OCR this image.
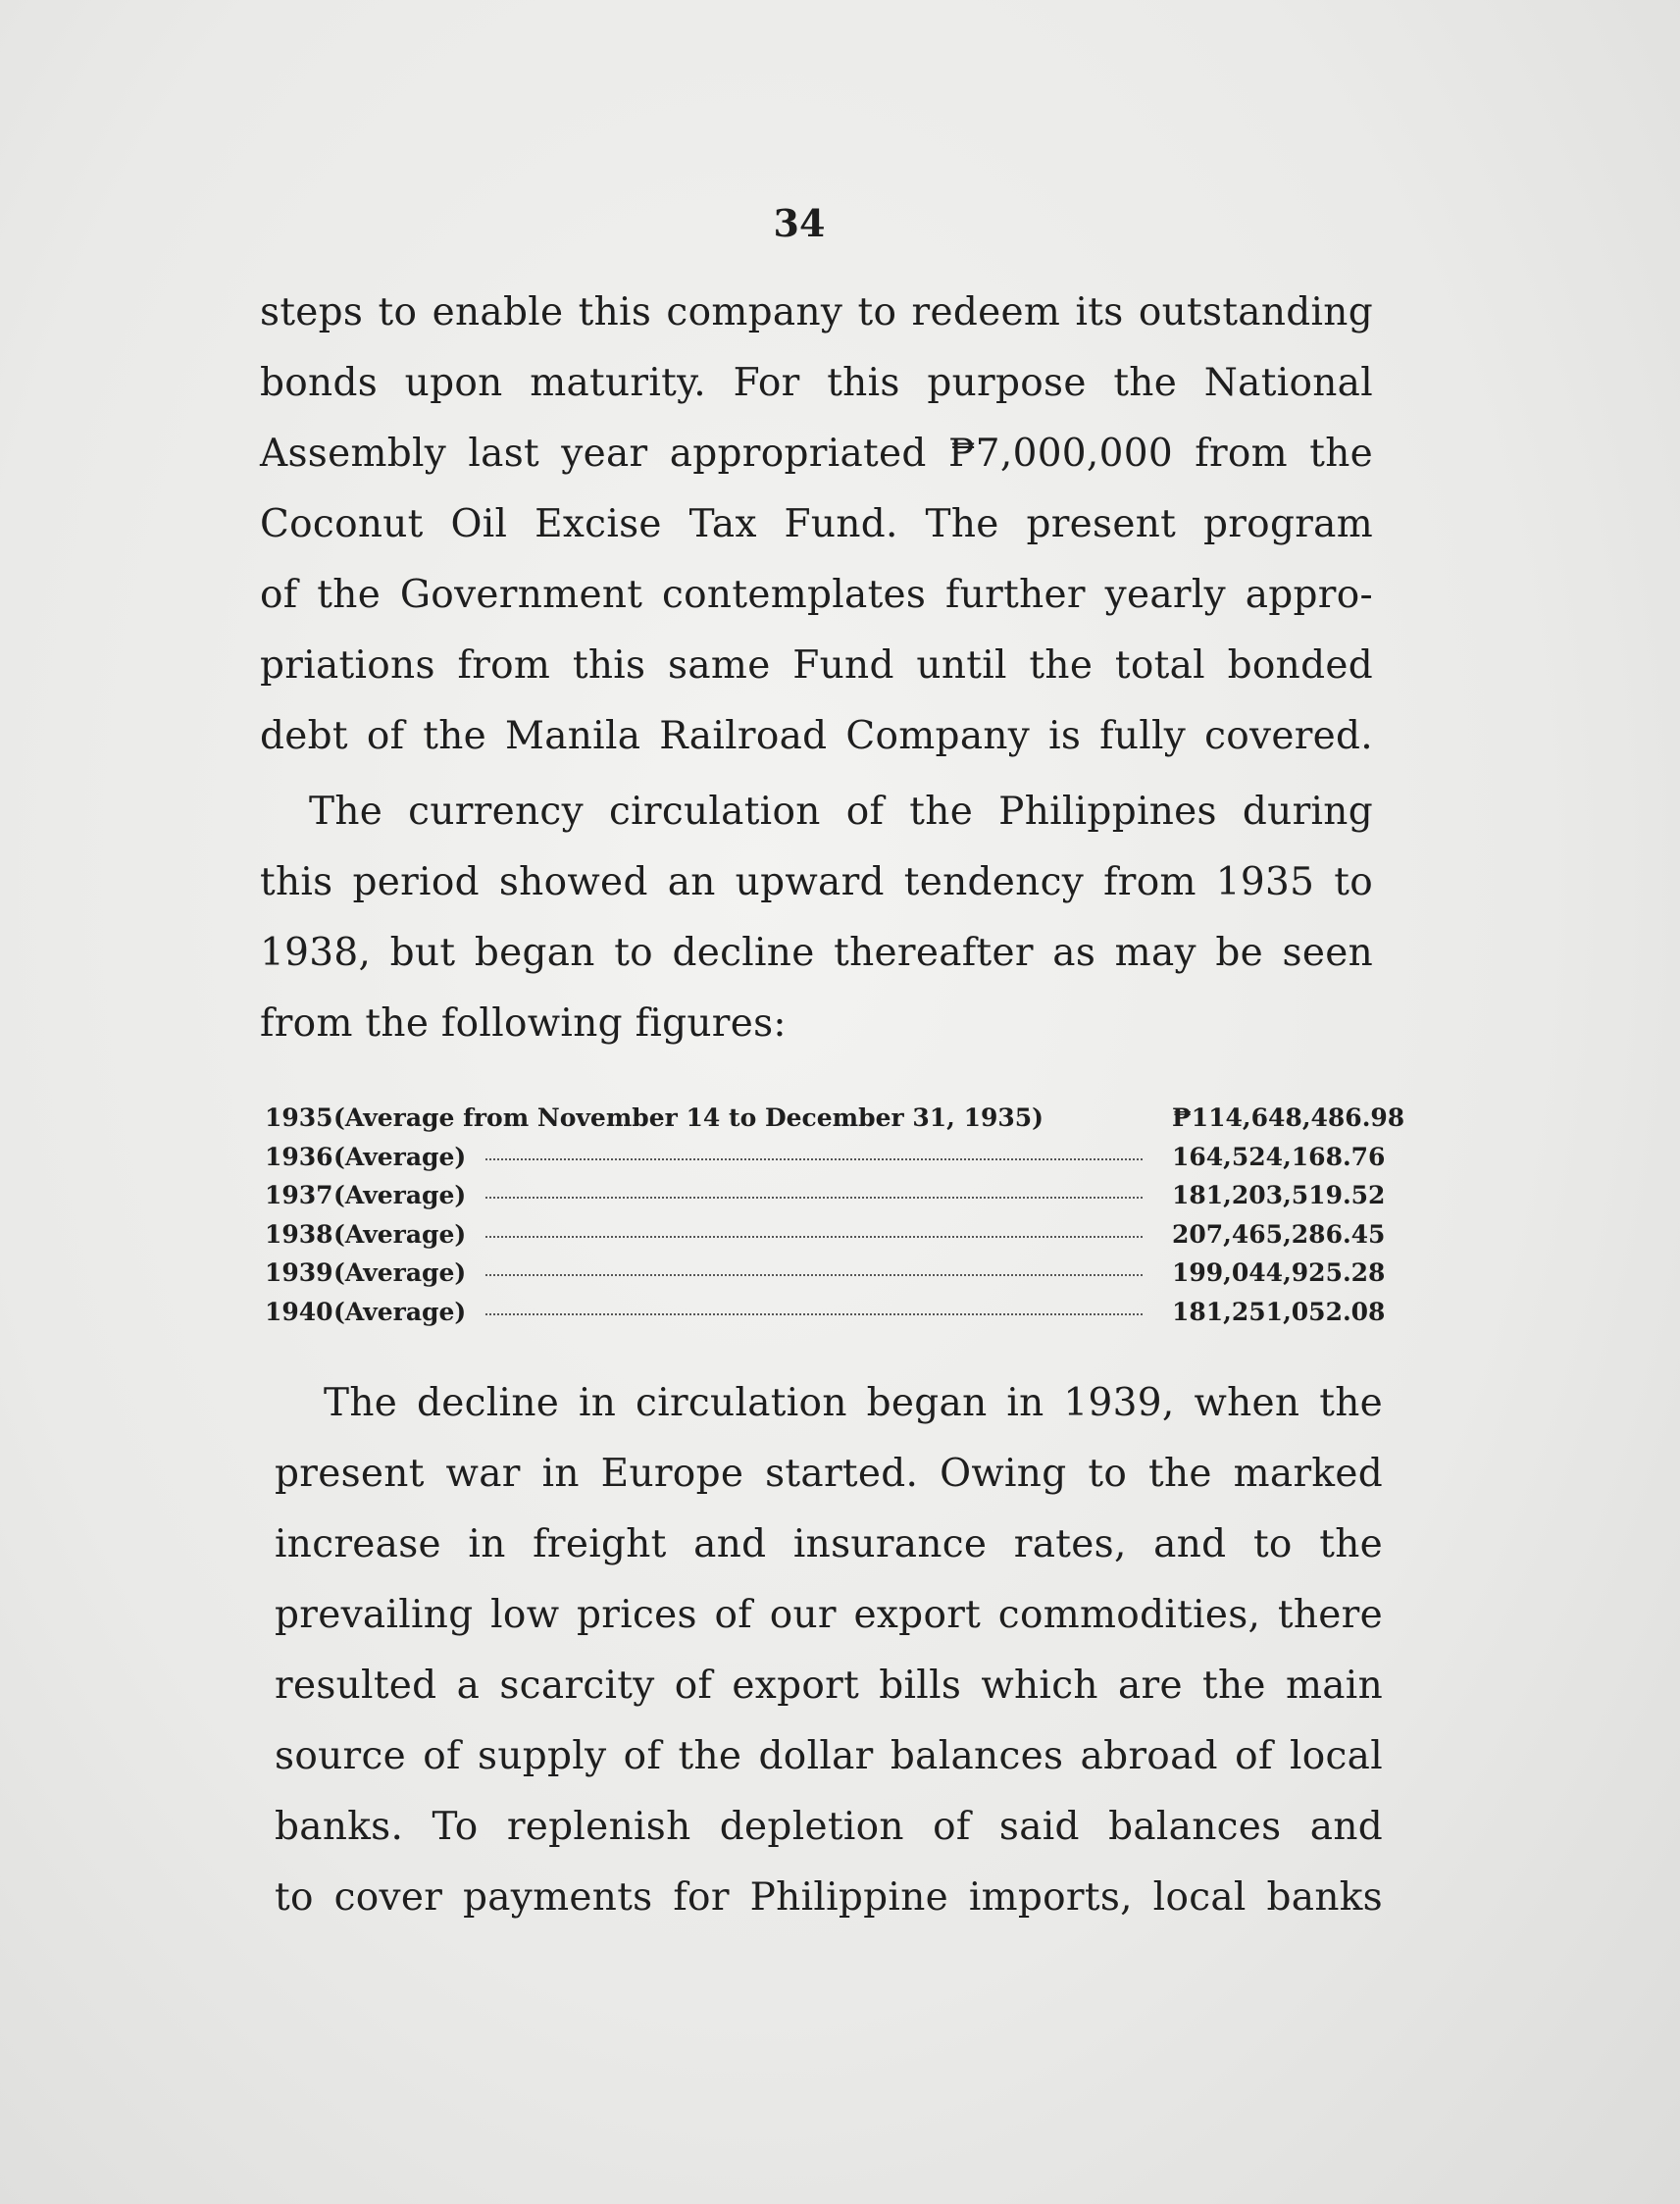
34

steps to enable this company to redeem its outstanding
bonds upon maturity. For this purpose the National
Assembly last year appropriated ₱7,000,000 from the
Coconut Oil Excise Tax Fund. The present program
of the Government contemplates further yearly appro-
priations from this same Fund until the total bonded
debt of the Manila Railroad Company is fully covered.

The currency circulation of the Philippines during
this period showed an upward tendency from 1935 to
1938, but began to decline thereafter as may be seen
from the following figures:

1935 (Average from November 14 to December 31, 1935)	₱114,648,486.98
1936 (Average)	164,524,168.76
1937 (Average)	181,203,519.52
1938 (Average)	207,465,286.45
1939 (Average)	199,044,925.28
1940 (Average)	181,251,052.08

The decline in circulation began in 1939, when the
present war in Europe started. Owing to the marked
increase in freight and insurance rates, and to the
prevailing low prices of our export commodities, there
resulted a scarcity of export bills which are the main
source of supply of the dollar balances abroad of local
banks. To replenish depletion of said balances and
to cover payments for Philippine imports, local banks
